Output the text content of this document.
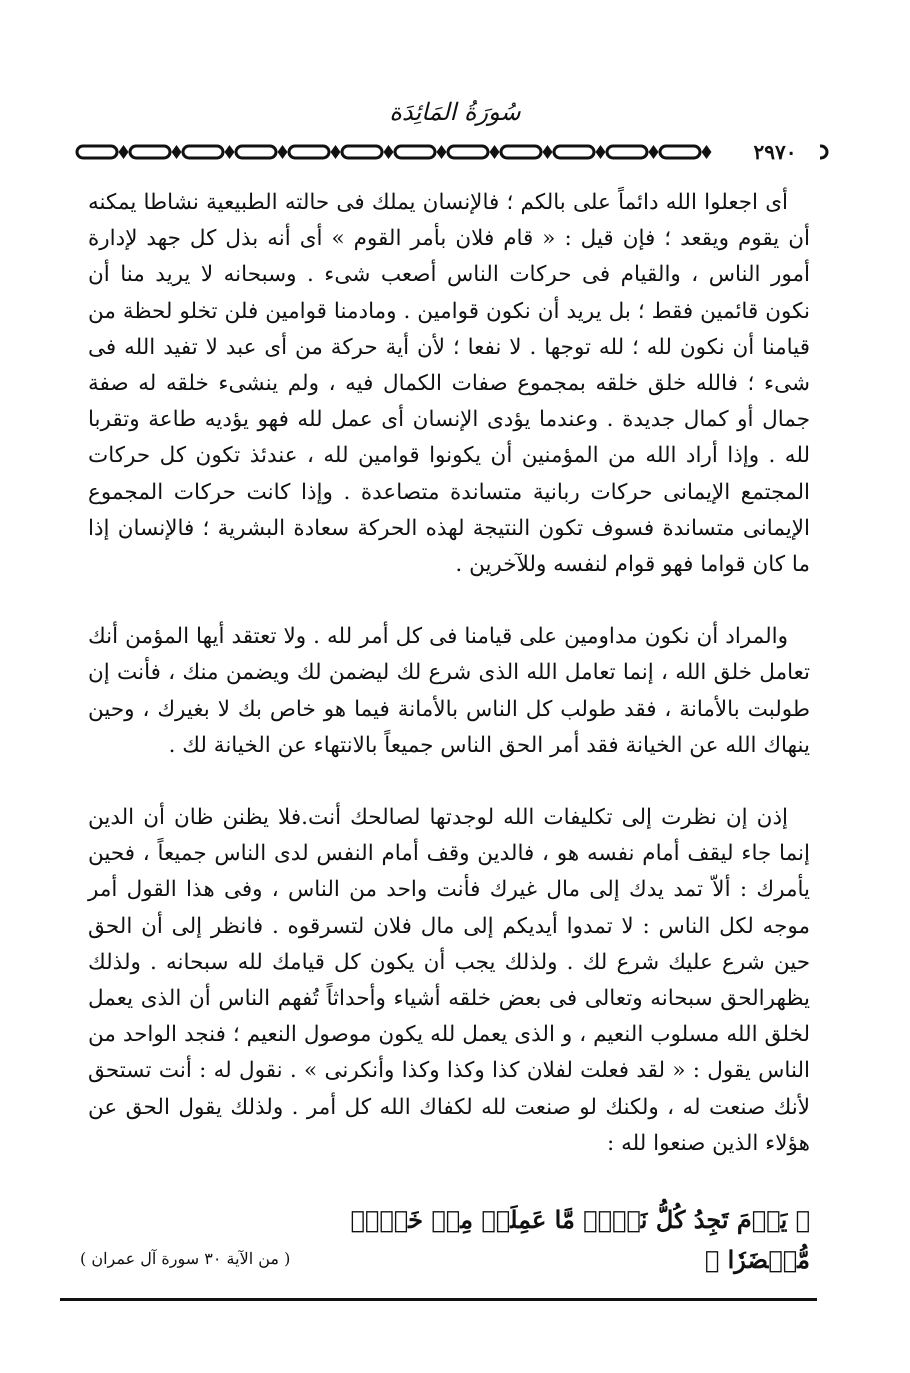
سُورَةُ المَائِدَة
٢٩٧٠

أى اجعلوا الله دائماً على بالكم ؛ فالإنسان يملك فى حالته الطبيعية نشاطا يمكنه أن يقوم ويقعد ؛ فإن قيل : « قام فلان بأمر القوم » أى أنه بذل كل جهد لإدارة أمور الناس ، والقيام فى حركات الناس أصعب شىء . وسبحانه لا يريد منا أن نكون قائمين فقط ؛ بل يريد أن نكون قوامين . ومادمنا قوامين فلن تخلو لحظة من قيامنا أن نكون لله ؛ لله توجها . لا نفعا ؛ لأن أية حركة من أى عبد لا تفيد الله فى شىء ؛ فالله خلق خلقه بمجموع صفات الكمال فيه ، ولم ينشىء خلقه له صفة جمال أو كمال جديدة . وعندما يؤدى الإنسان أى عمل لله فهو يؤديه طاعة وتقربا لله . وإذا أراد الله من المؤمنين أن يكونوا قوامين لله ، عندئذ تكون كل حركات المجتمع الإيمانى حركات ربانية متساندة متصاعدة . وإذا كانت حركات المجموع الإيمانى متساندة فسوف تكون النتيجة لهذه الحركة سعادة البشرية ؛ فالإنسان إذا ما كان قواما فهو قوام لنفسه وللآخرين .

والمراد أن نكون مداومين على قيامنا فى كل أمر لله . ولا تعتقد أيها المؤمن أنك تعامل خلق الله ، إنما تعامل الله الذى شرع لك ليضمن لك ويضمن منك ، فأنت إن طولبت بالأمانة ، فقد طولب كل الناس بالأمانة فيما هو خاص بك لا بغيرك ، وحين ينهاك الله عن الخيانة فقد أمر الحق الناس جميعاً بالانتهاء عن الخيانة لك .

إذن إن نظرت إلى تكليفات الله لوجدتها لصالحك أنت.فلا يظنن ظان أن الدين إنما جاء ليقف أمام نفسه هو ، فالدين وقف أمام النفس لدى الناس جميعاً ، فحين يأمرك : ألاّ تمد يدك إلى مال غيرك فأنت واحد من الناس ، وفى هذا القول أمر موجه لكل الناس : لا تمدوا أيديكم إلى مال فلان لتسرقوه . فانظر إلى أن الحق حين شرع عليك شرع لك . ولذلك يجب أن يكون كل قيامك لله سبحانه . ولذلك يظهرالحق سبحانه وتعالى فى بعض خلقه أشياء وأحداثاً تُفهم الناس أن الذى يعمل لخلق الله مسلوب النعيم ، و الذى يعمل لله يكون موصول النعيم ؛ فنجد الواحد من الناس يقول : « لقد فعلت لفلان كذا وكذا وكذا وأنكرنى » . نقول له : أنت تستحق لأنك صنعت له ، ولكنك لو صنعت لله لكفاك الله كل أمر . ولذلك يقول الحق عن هؤلاء الذين صنعوا لله :

﴿ يَوۡمَ تَجِدُ كُلُّ نَفۡسٖ مَّا عَمِلَتۡ مِنۡ خَيۡرٖ مُّحۡضَرٗا ﴾
( من الآية ٣٠ سورة آل عمران )
